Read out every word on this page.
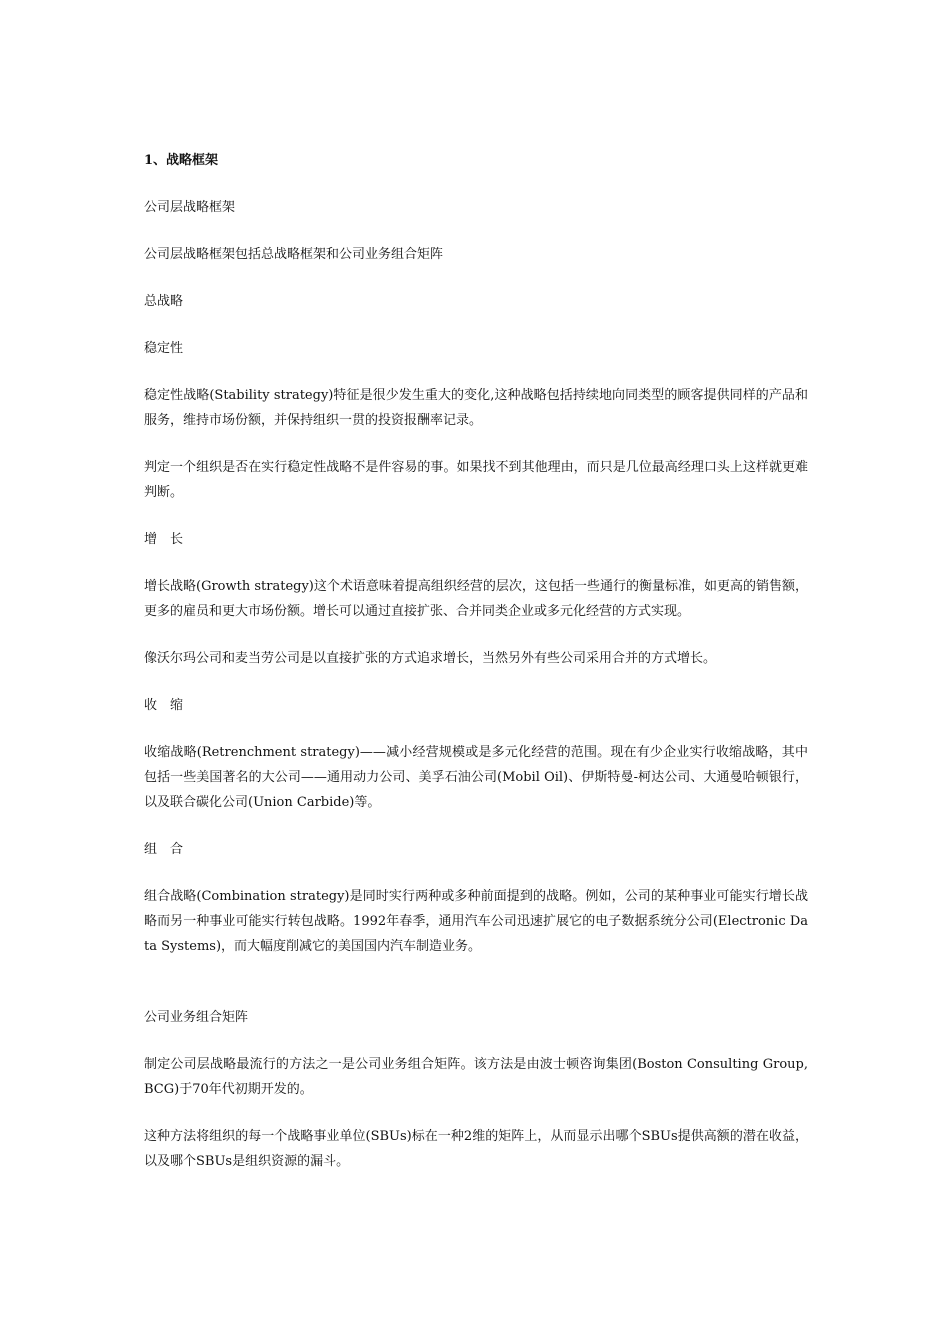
1、战略框架

公司层战略框架

公司层战略框架包括总战略框架和公司业务组合矩阵

总战略

稳定性

稳定性战略(Stability strategy)特征是很少发生重大的变化,这种战略包括持续地向同类型的顾客提供同样的产品和服务，维持市场份额，并保持组织一贯的投资报酬率记录。

判定一个组织是否在实行稳定性战略不是件容易的事。如果找不到其他理由，而只是几位最高经理口头上这样就更难判断。

增　长

增长战略(Growth strategy)这个术语意味着提高组织经营的层次，这包括一些通行的衡量标准，如更高的销售额，更多的雇员和更大市场份额。增长可以通过直接扩张、合并同类企业或多元化经营的方式实现。

像沃尔玛公司和麦当劳公司是以直接扩张的方式追求增长，当然另外有些公司采用合并的方式增长。

收　缩

收缩战略(Retrenchment strategy)——减小经营规模或是多元化经营的范围。现在有少企业实行收缩战略，其中包括一些美国著名的大公司——通用动力公司、美孚石油公司(Mobil Oil)、伊斯特曼-柯达公司、大通曼哈顿银行，以及联合碳化公司(Union Carbide)等。

组　合

组合战略(Combination strategy)是同时实行两种或多种前面提到的战略。例如，公司的某种事业可能实行增长战略而另一种事业可能实行转包战略。1992年春季，通用汽车公司迅速扩展它的电子数据系统分公司(Electronic Data Systems)，而大幅度削减它的美国国内汽车制造业务。

公司业务组合矩阵

制定公司层战略最流行的方法之一是公司业务组合矩阵。该方法是由波士顿咨询集团(Boston Consulting Group,BCG)于70年代初期开发的。

这种方法将组织的每一个战略事业单位(SBUs)标在一种2维的矩阵上，从而显示出哪个SBUs提供高额的潜在收益，以及哪个SBUs是组织资源的漏斗。
